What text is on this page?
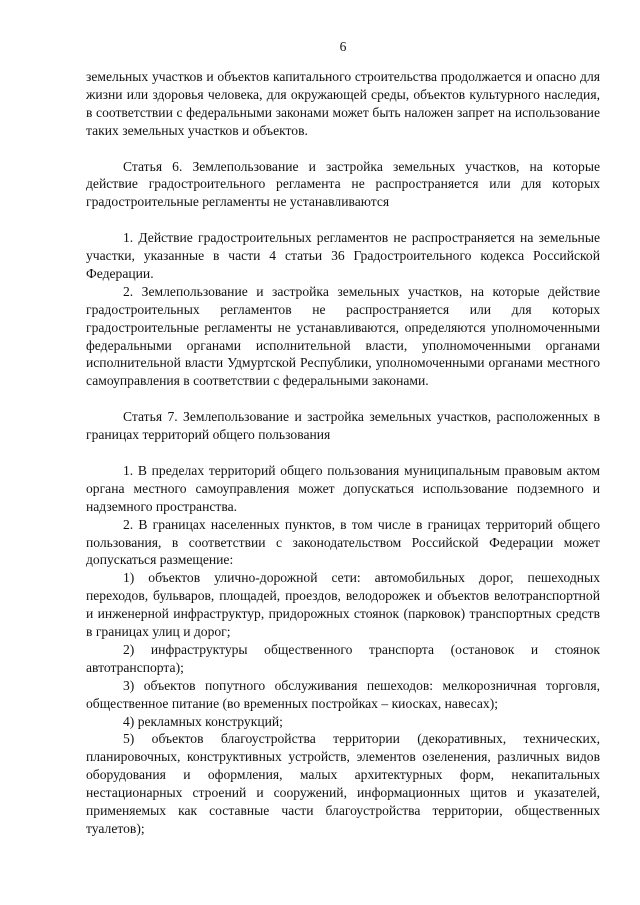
6

земельных участков и объектов капитального строительства продолжается и опасно для жизни или здоровья человека, для окружающей среды, объектов культурного наследия, в соответствии с федеральными законами может быть наложен запрет на использование таких земельных участков и объектов.

Статья 6. Землепользование и застройка земельных участков, на которые действие градостроительного регламента не распространяется или для которых градостроительные регламенты не устанавливаются

1. Действие градостроительных регламентов не распространяется на земельные участки, указанные в части 4 статьи 36 Градостроительного кодекса Российской Федерации.

2. Землепользование и застройка земельных участков, на которые действие градостроительных регламентов не распространяется или для которых градостроительные регламенты не устанавливаются, определяются уполномоченными федеральными органами исполнительной власти, уполномоченными органами исполнительной власти Удмуртской Республики, уполномоченными органами местного самоуправления в соответствии с федеральными законами.

Статья 7. Землепользование и застройка земельных участков, расположенных в границах территорий общего пользования

1. В пределах территорий общего пользования муниципальным правовым актом органа местного самоуправления может допускаться использование подземного и надземного пространства.

2. В границах населенных пунктов, в том числе в границах территорий общего пользования, в соответствии с законодательством Российской Федерации может допускаться размещение:

1) объектов улично-дорожной сети: автомобильных дорог, пешеходных переходов, бульваров, площадей, проездов, велодорожек и объектов велотранспортной и инженерной инфраструктур, придорожных стоянок (парковок) транспортных средств в границах улиц и дорог;

2) инфраструктуры общественного транспорта (остановок и стоянок автотранспорта);

3) объектов попутного обслуживания пешеходов: мелкорозничная торговля, общественное питание (во временных постройках – киосках, навесах);

4) рекламных конструкций;

5) объектов благоустройства территории (декоративных, технических, планировочных, конструктивных устройств, элементов озеленения, различных видов оборудования и оформления, малых архитектурных форм, некапитальных нестационарных строений и сооружений, информационных щитов и указателей, применяемых как составные части благоустройства территории, общественных туалетов);
